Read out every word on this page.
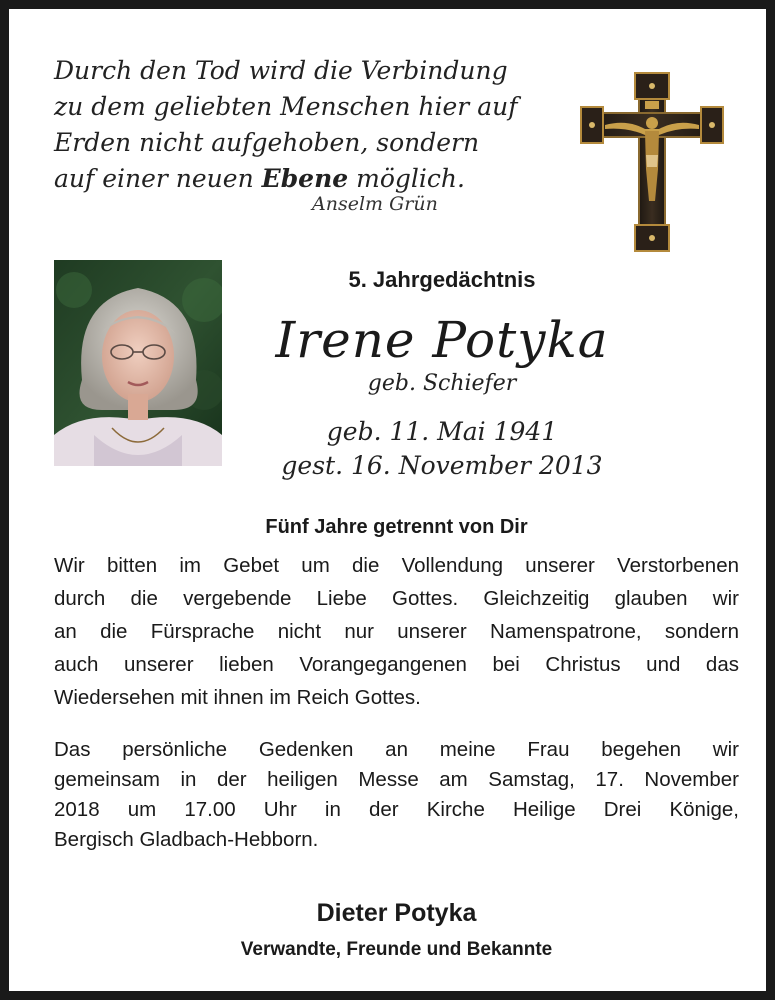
Durch den Tod wird die Verbindung
zu dem geliebten Menschen hier auf
Erden nicht aufgehoben, sondern
auf einer neuen Ebene möglich.
Anselm Grün
5. Jahrgedächtnis
Irene Potyka
geb. Schiefer
geb. 11. Mai 1941
gest. 16. November 2013
Fünf Jahre getrennt von Dir
Wir bitten im Gebet um die Vollendung unserer Verstorbenen
durch die vergebende Liebe Gottes. Gleichzeitig glauben wir
an die Fürsprache nicht nur unserer Namenspatrone, sondern
auch unserer lieben Vorangegangenen bei Christus und das
Wiedersehen mit ihnen im Reich Gottes.
Das persönliche Gedenken an meine Frau begehen wir
gemeinsam in der heiligen Messe am Samstag, 17. November
2018 um 17.00 Uhr in der Kirche Heilige Drei Könige,
Bergisch Gladbach-Hebborn.
Dieter Potyka
Verwandte, Freunde und Bekannte
